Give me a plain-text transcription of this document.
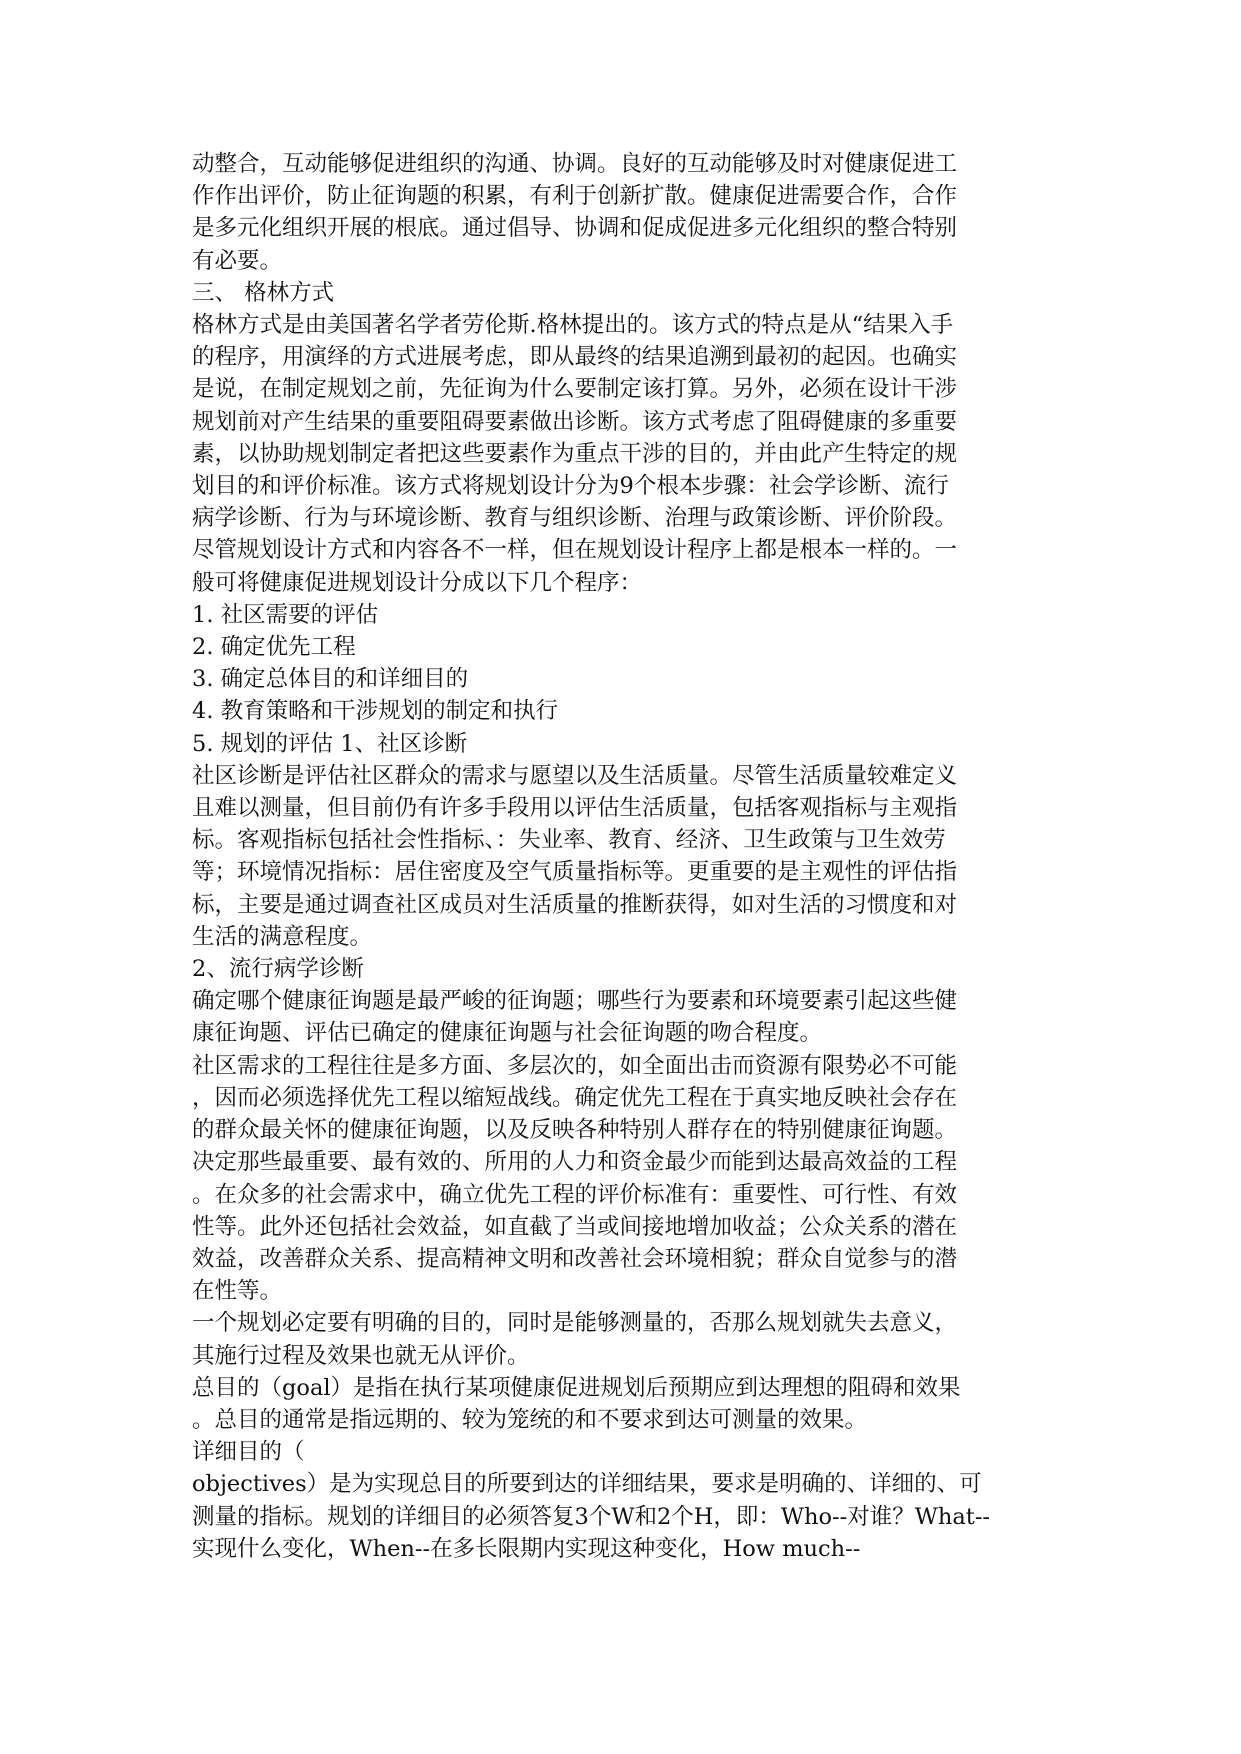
动整合，互动能够促进组织的沟通、协调。良好的互动能够及时对健康促进工
作作出评价，防止征询题的积累，有利于创新扩散。健康促进需要合作，合作
是多元化组织开展的根底。通过倡导、协调和促成促进多元化组织的整合特别
有必要。
三、 格林方式
格林方式是由美国著名学者劳伦斯.格林提出的。该方式的特点是从“结果入手
的程序，用演绎的方式进展考虑，即从最终的结果追溯到最初的起因。也确实
是说，在制定规划之前，先征询为什么要制定该打算。另外，必须在设计干涉
规划前对产生结果的重要阻碍要素做出诊断。该方式考虑了阻碍健康的多重要
素，以协助规划制定者把这些要素作为重点干涉的目的，并由此产生特定的规
划目的和评价标准。该方式将规划设计分为9个根本步骤：社会学诊断、流行
病学诊断、行为与环境诊断、教育与组织诊断、治理与政策诊断、评价阶段。
尽管规划设计方式和内容各不一样，但在规划设计程序上都是根本一样的。一
般可将健康促进规划设计分成以下几个程序：
1. 社区需要的评估
2. 确定优先工程
3. 确定总体目的和详细目的
4. 教育策略和干涉规划的制定和执行
5. 规划的评估 1、社区诊断
社区诊断是评估社区群众的需求与愿望以及生活质量。尽管生活质量较难定义
且难以测量，但目前仍有许多手段用以评估生活质量，包括客观指标与主观指
标。客观指标包括社会性指标、：失业率、教育、经济、卫生政策与卫生效劳
等；环境情况指标：居住密度及空气质量指标等。更重要的是主观性的评估指
标，主要是通过调查社区成员对生活质量的推断获得，如对生活的习惯度和对
生活的满意程度。
2、流行病学诊断
确定哪个健康征询题是最严峻的征询题；哪些行为要素和环境要素引起这些健
康征询题、评估已确定的健康征询题与社会征询题的吻合程度。
社区需求的工程往往是多方面、多层次的，如全面出击而资源有限势必不可能
，因而必须选择优先工程以缩短战线。确定优先工程在于真实地反映社会存在
的群众最关怀的健康征询题，以及反映各种特别人群存在的特别健康征询题。
决定那些最重要、最有效的、所用的人力和资金最少而能到达最高效益的工程
。在众多的社会需求中，确立优先工程的评价标准有：重要性、可行性、有效
性等。此外还包括社会效益，如直截了当或间接地增加收益；公众关系的潜在
效益，改善群众关系、提高精神文明和改善社会环境相貌；群众自觉参与的潜
在性等。
一个规划必定要有明确的目的，同时是能够测量的，否那么规划就失去意义，
其施行过程及效果也就无从评价。
总目的（goal）是指在执行某项健康促进规划后预期应到达理想的阻碍和效果
。总目的通常是指远期的、较为笼统的和不要求到达可测量的效果。
详细目的（
objectives）是为实现总目的所要到达的详细结果，要求是明确的、详细的、可
测量的指标。规划的详细目的必须答复3个W和2个H，即：Who--对谁？What--
实现什么变化，When--在多长限期内实现这种变化，How much--
